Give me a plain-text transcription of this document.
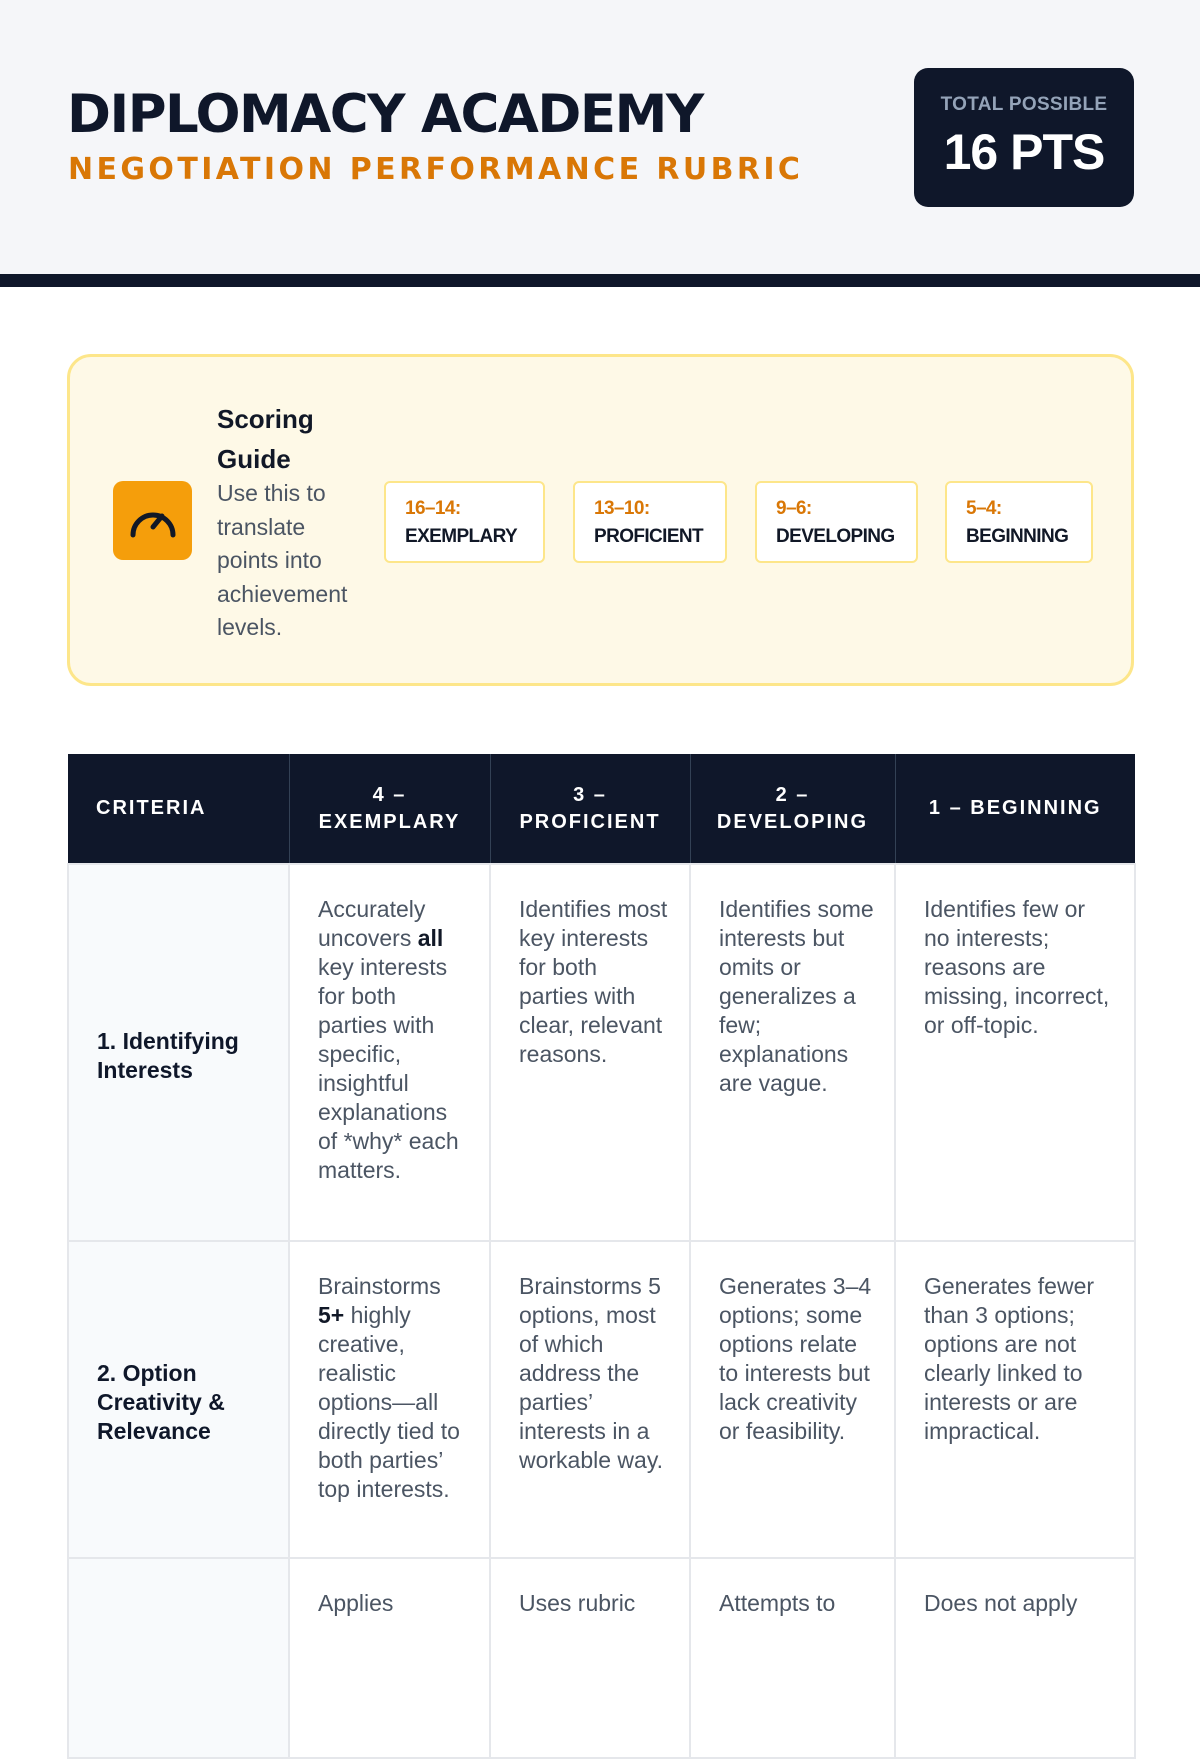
DIPLOMACY ACADEMY
NEGOTIATION PERFORMANCE RUBRIC
TOTAL POSSIBLE
16 PTS
Scoring Guide
Use this to translate points into achievement levels.
16–14:
EXEMPLARY
13–10:
PROFICIENT
9–6:
DEVELOPING
5–4:
BEGINNING
CRITERIA	4 – EXEMPLARY	3 – PROFICIENT	2 – DEVELOPING	1 – BEGINNING
1. Identifying Interests	Accurately uncovers all key interests for both parties with specific, insightful explanations of *why* each matters.	Identifies most key interests for both parties with clear, relevant reasons.	Identifies some interests but omits or generalizes a few; explanations are vague.	Identifies few or no interests; reasons are missing, incorrect, or off-topic.
2. Option Creativity & Relevance	Brainstorms 5+ highly creative, realistic options—all directly tied to both parties’ top interests.	Brainstorms 5 options, most of which address the parties’ interests in a workable way.	Generates 3–4 options; some options relate to interests but lack creativity or feasibility.	Generates fewer than 3 options; options are not clearly linked to interests or are impractical.
	Applies	Uses rubric	Attempts to	Does not apply
